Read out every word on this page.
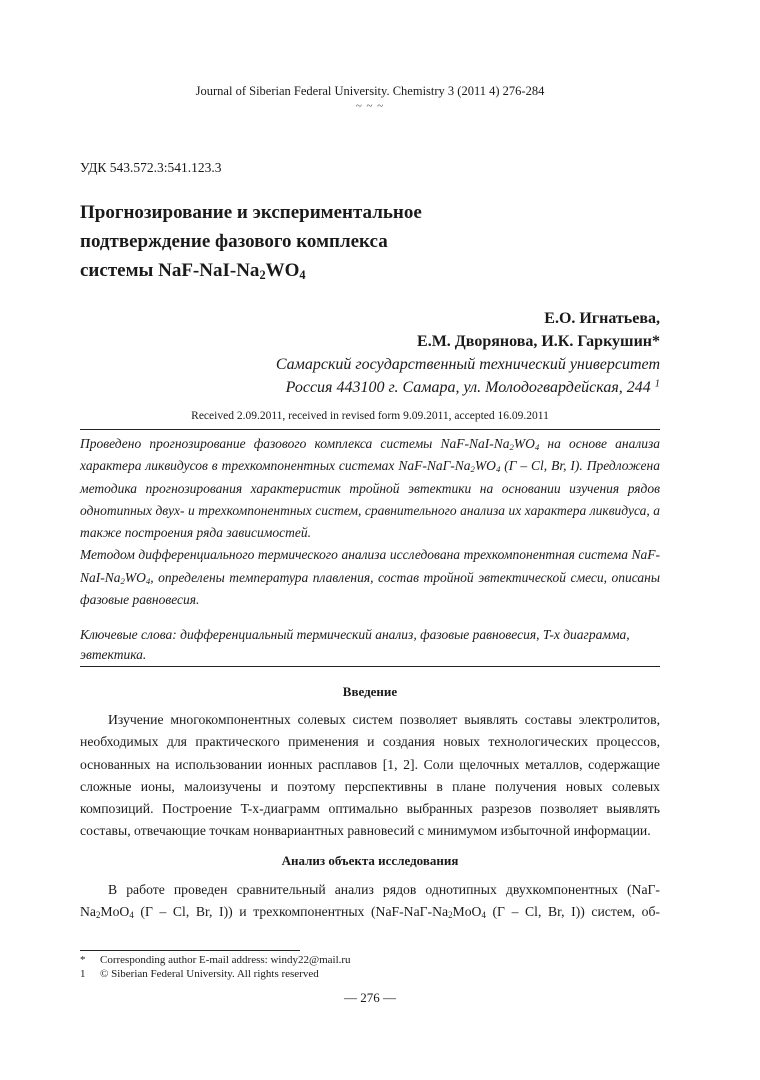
Journal of Siberian Federal University. Chemistry 3 (2011 4) 276-284
~ ~ ~
УДК 543.572.3:541.123.3
Прогнозирование и экспериментальное
подтверждение фазового комплекса
системы NaF-$NaI-Na_2WO_4$
Е.О. Игнатьева,
Е.М. Дворянова, И.К. Гаркушин*
Самарский государственный технический университет
Россия 443100 г. Самара, ул. Молодогвардейская, 244 $^1$
Received 2.09.2011, received in revised form 9.09.2011, accepted 16.09.2011

Проведено прогнозирование фазового комплекса системы NaF-$NaI-Na_2WO_4$ на основе анализа характера ликвидусов в трехкомпонентных системах NaF-$NaГ-Na_2WO_4$ (Г – Cl, Br, I). Предложена методика прогнозирования характеристик тройной эвтектики на основании изучения рядов однотипных двух- и трехкомпонентных систем, сравнительного анализа их характера ликвидуса, а также построения ряда зависимостей.

Методом дифференциального термического анализа исследована трехкомпонентная система NaF-$NaI-Na_2WO_4$, определены температура плавления, состав тройной эвтектической смеси, описаны фазовые равновесия.

Ключевые слова: дифференциальный термический анализ, фазовые равновесия, T-x диаграмма, эвтектика.
Введение

Изучение многокомпонентных солевых систем позволяет выявлять составы электролитов, необходимых для практического применения и создания новых технологических процессов, основанных на использовании ионных расплавов [1, 2]. Соли щелочных металлов, содержащие сложные ионы, малоизучены и поэтому перспективны в плане получения новых солевых композиций. Построение T-x-диаграмм оптимально выбранных разрезов позволяет выявлять составы, отвечающие точкам нонвариантных равновесий с минимумом избыточной информации.

Анализ объекта исследования

В работе проведен сравнительный анализ рядов однотипных двухкомпонентных ($NaГ-Na_2MoO_4$ (Г – Cl, Br, I)) и трехкомпонентных ($NaF-NaГ-Na_2MoO_4$ (Г – Cl, Br, I)) систем, об-

*	Corresponding author E-mail address: windy22@mail.ru
1	© Siberian Federal University. All rights reserved
— 276 —
